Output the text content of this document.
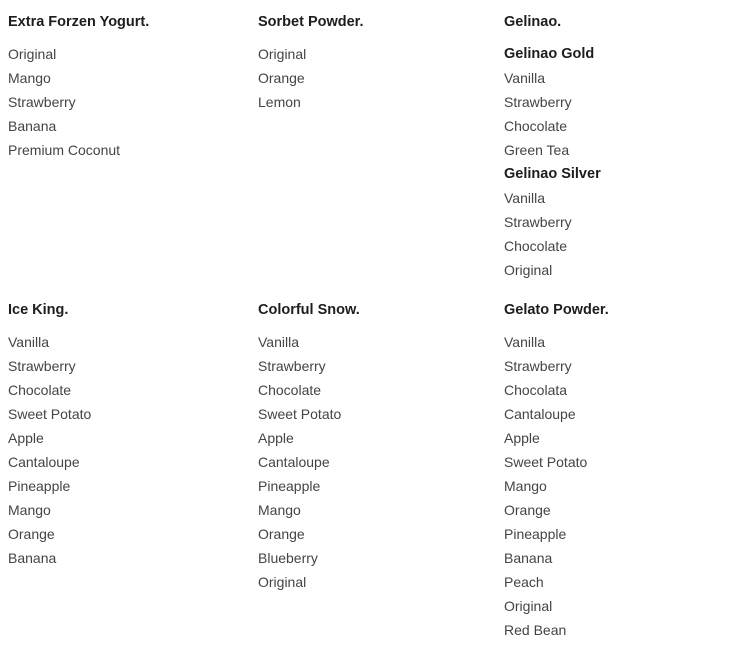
Extra Forzen Yogurt.
Original
Mango
Strawberry
Banana
Premium Coconut
Sorbet Powder.
Original
Orange
Lemon
Gelinao.
Gelinao Gold
Vanilla
Strawberry
Chocolate
Green Tea
Gelinao Silver
Vanilla
Strawberry
Chocolate
Original
Ice King.
Vanilla
Strawberry
Chocolate
Sweet Potato
Apple
Cantaloupe
Pineapple
Mango
Orange
Banana
Colorful Snow.
Vanilla
Strawberry
Chocolate
Sweet Potato
Apple
Cantaloupe
Pineapple
Mango
Orange
Blueberry
Original
Gelato Powder.
Vanilla
Strawberry
Chocolata
Cantaloupe
Apple
Sweet Potato
Mango
Orange
Pineapple
Banana
Peach
Original
Red Bean
